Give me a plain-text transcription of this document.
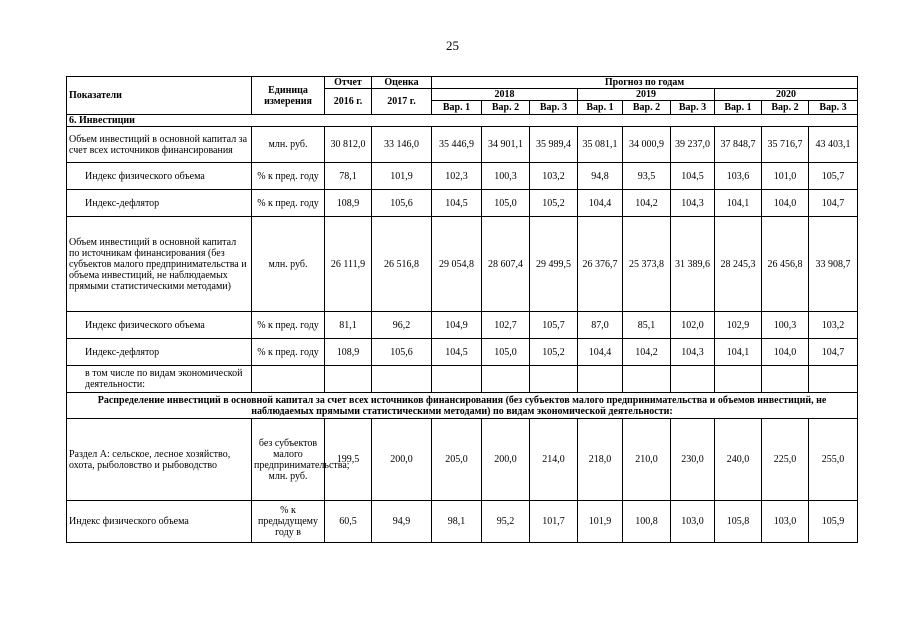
25
Показатели	Единица измерения	Отчет	Оценка	Прогноз по годам								
		2016 г.	2017 г.	2018			2019			2020		
				Вар. 1	Вар. 2	Вар. 3	Вар. 1	Вар. 2	Вар. 3	Вар. 1	Вар. 2	Вар. 3
6. Инвестиции												
Объем инвестиций в основной капитал за счет всех источников финансирования	млн. руб.	30 812,0	33 146,0	35 446,9	34 901,1	35 989,4	35 081,1	34 000,9	39 237,0	37 848,7	35 716,7	43 403,1
Индекс физического объема	% к пред. году	78,1	101,9	102,3	100,3	103,2	94,8	93,5	104,5	103,6	101,0	105,7
Индекс-дефлятор	% к пред. году	108,9	105,6	104,5	105,0	105,2	104,4	104,2	104,3	104,1	104,0	104,7
Объем инвестиций в основной капитал по источникам финансирования (без субъектов малого предпринимательства и объема инвестиций, не наблюдаемых прямыми статистическими методами)	млн. руб.	26 111,9	26 516,8	29 054,8	28 607,4	29 499,5	26 376,7	25 373,8	31 389,6	28 245,3	26 456,8	33 908,7
Индекс физического объема	% к пред. году	81,1	96,2	104,9	102,7	105,7	87,0	85,1	102,0	102,9	100,3	103,2
Индекс-дефлятор	% к пред. году	108,9	105,6	104,5	105,0	105,2	104,4	104,2	104,3	104,1	104,0	104,7
в том числе по видам экономической деятельности:												
Распределение инвестиций в основной капитал за счет всех источников финансирования (без субъектов малого предпринимательства и объемов инвестиций, не наблюдаемых прямыми статистическими методами) по видам экономической деятельности:												
Раздел А: сельское, лесное хозяйство, охота, рыболовство и рыбоводство	без субъектов малого предпринимательства; млн. руб.	199,5	200,0	205,0	200,0	214,0	218,0	210,0	230,0	240,0	225,0	255,0
Индекс физического объема	% к предыдущему году в	60,5	94,9	98,1	95,2	101,7	101,9	100,8	103,0	105,8	103,0	105,9
